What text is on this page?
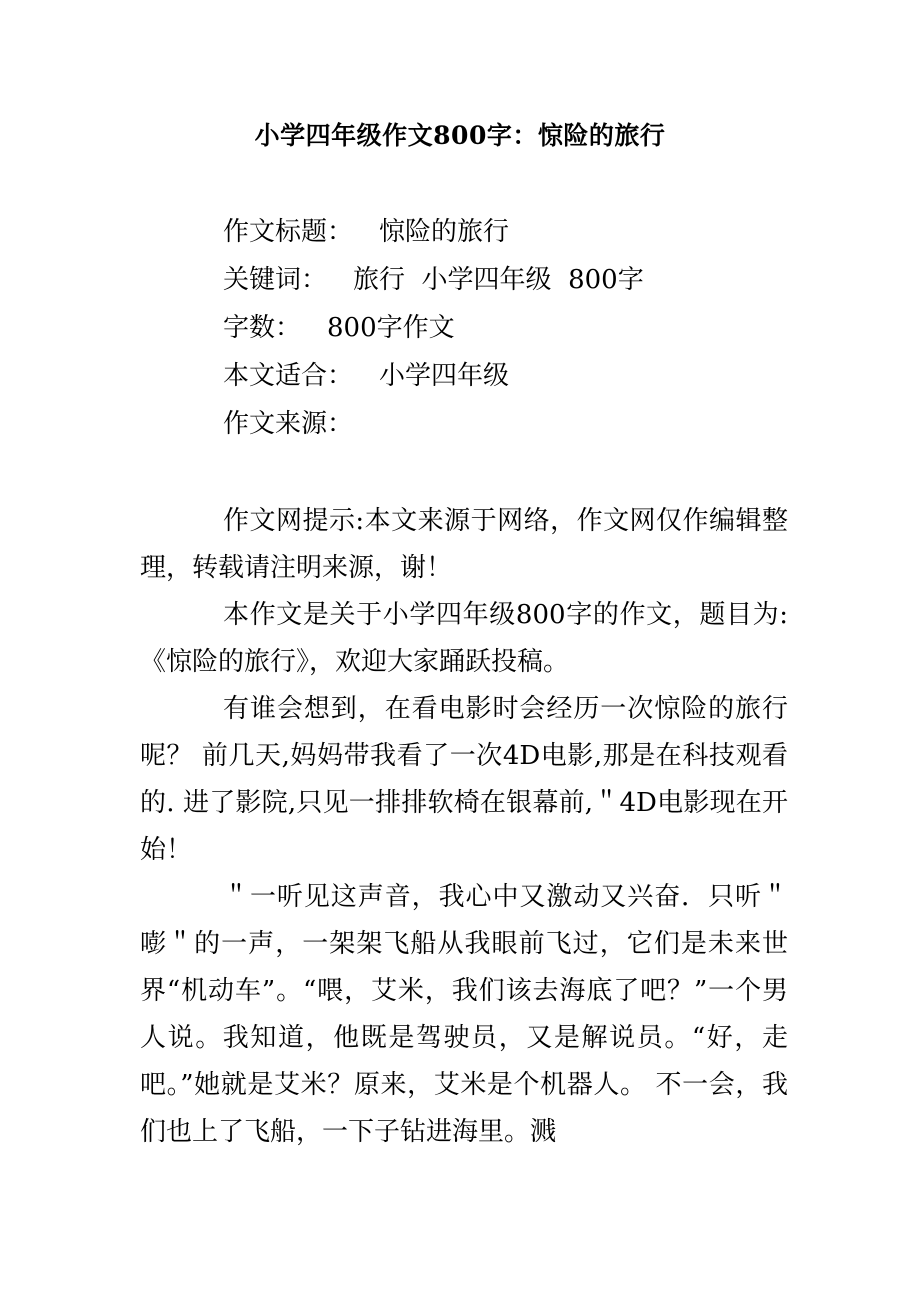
小学四年级作文800字：惊险的旅行
作文标题： 惊险的旅行
关键词： 旅行  小学四年级  800字
字数： 800字作文
本文适合： 小学四年级
作文来源：

作文网提示:本文来源于网络，作文网仅作编辑整理，转载请注明来源，谢！

本作文是关于小学四年级800字的作文，题目为:《惊险的旅行》，欢迎大家踊跃投稿。

有谁会想到，在看电影时会经历一次惊险的旅行呢？ 前几天,妈妈带我看了一次4D电影,那是在科技观看的. 进了影院,只见一排排软椅在银幕前,＂4D电影现在开始！

＂一听见这声音，我心中又激动又兴奋．只听＂嘭＂的一声，一架架飞船从我眼前飞过，它们是未来世界“机动车”。“喂，艾米，我们该去海底了吧？”一个男人说。我知道，他既是驾驶员，又是解说员。“好，走吧。”她就是艾米？原来，艾米是个机器人。 不一会，我们也上了飞船，一下子钻进海里。溅
